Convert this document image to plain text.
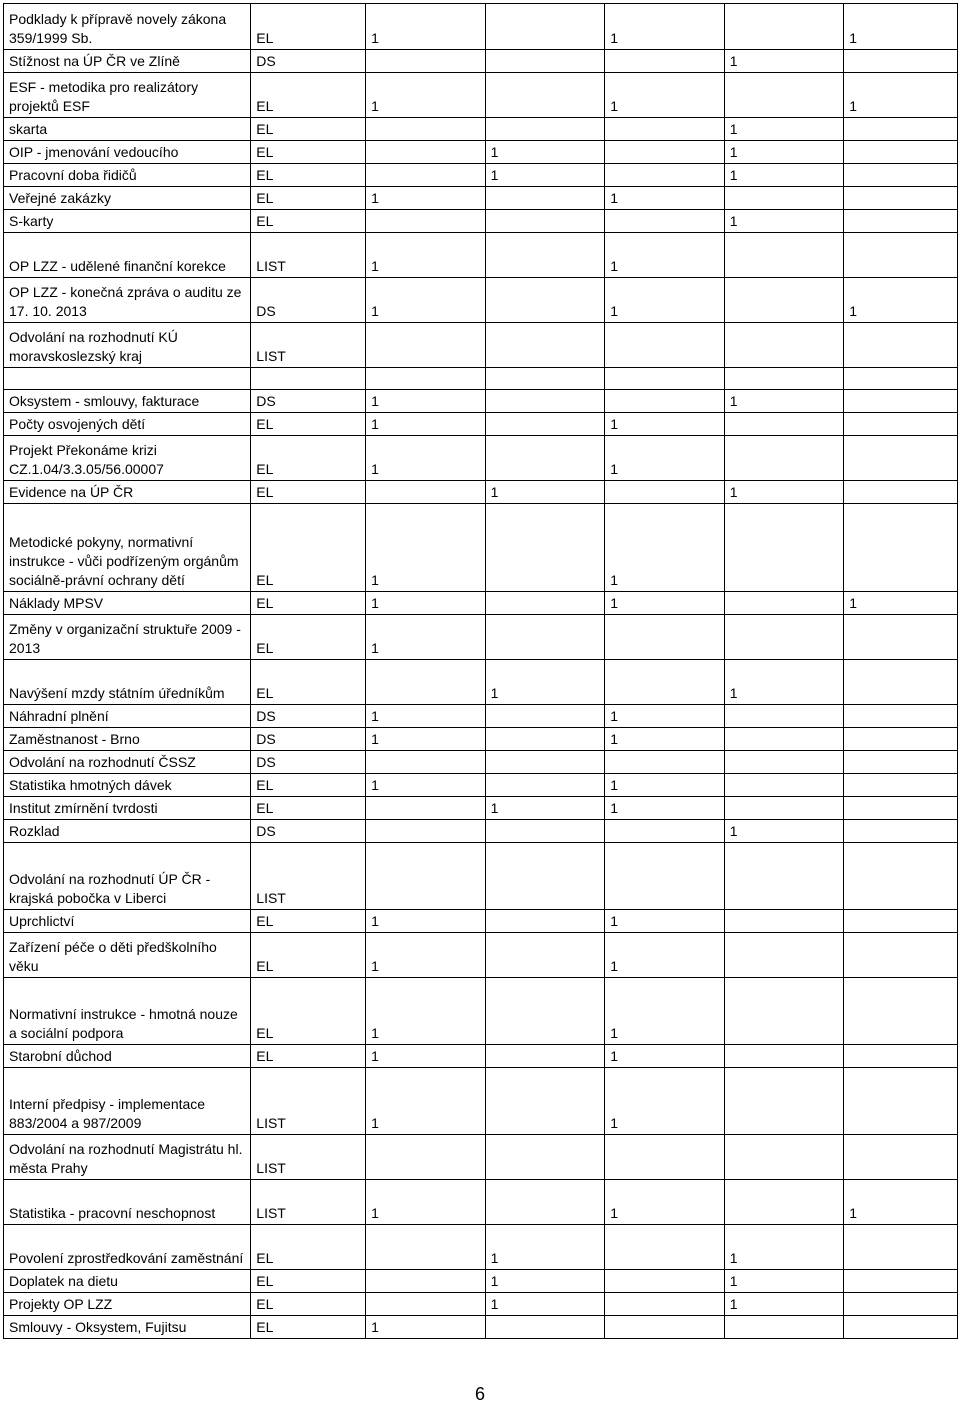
Podklady k přípravě novely zákona 359/1999 Sb.	EL	1		1		1
Stížnost na ÚP ČR ve Zlíně	DS				1	
ESF - metodika pro realizátory projektů ESF	EL	1		1		1
skarta	EL				1	
OIP - jmenování vedoucího	EL		1		1	
Pracovní doba řidičů	EL		1		1	
Veřejné zakázky	EL	1		1		
S-karty	EL				1	
OP LZZ - udělené finanční korekce	LIST	1		1		
OP LZZ - konečná zpráva o auditu ze 17. 10. 2013	DS	1		1		1
Odvolání na rozhodnutí KÚ moravskoslezský kraj	LIST					

Oksystem - smlouvy, fakturace	DS	1			1	
Počty osvojených dětí	EL	1		1		
Projekt Překonáme krizi CZ.1.04/3.3.05/56.00007	EL	1		1		
Evidence na ÚP ČR	EL		1		1	
Metodické pokyny, normativní instrukce - vůči podřízeným orgánům sociálně-právní ochrany dětí	EL	1		1		
Náklady MPSV	EL	1		1		1
Změny v organizační struktuře 2009 - 2013	EL	1				
Navýšení mzdy státním úředníkům	EL		1		1	
Náhradní plnění	DS	1		1		
Zaměstnanost - Brno	DS	1		1		
Odvolání na rozhodnutí ČSSZ	DS					
Statistika hmotných dávek	EL	1		1		
Institut zmírnění tvrdosti	EL		1	1		
Rozklad	DS				1	
Odvolání na rozhodnutí ÚP ČR - krajská pobočka v Liberci	LIST					
Uprchlictví	EL	1		1		
Zařízení péče o děti předškolního věku	EL	1		1		
Normativní instrukce - hmotná nouze a sociální podpora	EL	1		1		
Starobní důchod	EL	1		1		
Interní předpisy - implementace 883/2004 a 987/2009	LIST	1		1		
Odvolání na rozhodnutí Magistrátu hl. města Prahy	LIST					
Statistika - pracovní neschopnost	LIST	1		1		1
Povolení zprostředkování zaměstnání	EL		1		1	
Doplatek na dietu	EL		1		1	
Projekty OP LZZ	EL		1		1	
Smlouvy - Oksystem, Fujitsu	EL	1				
6
